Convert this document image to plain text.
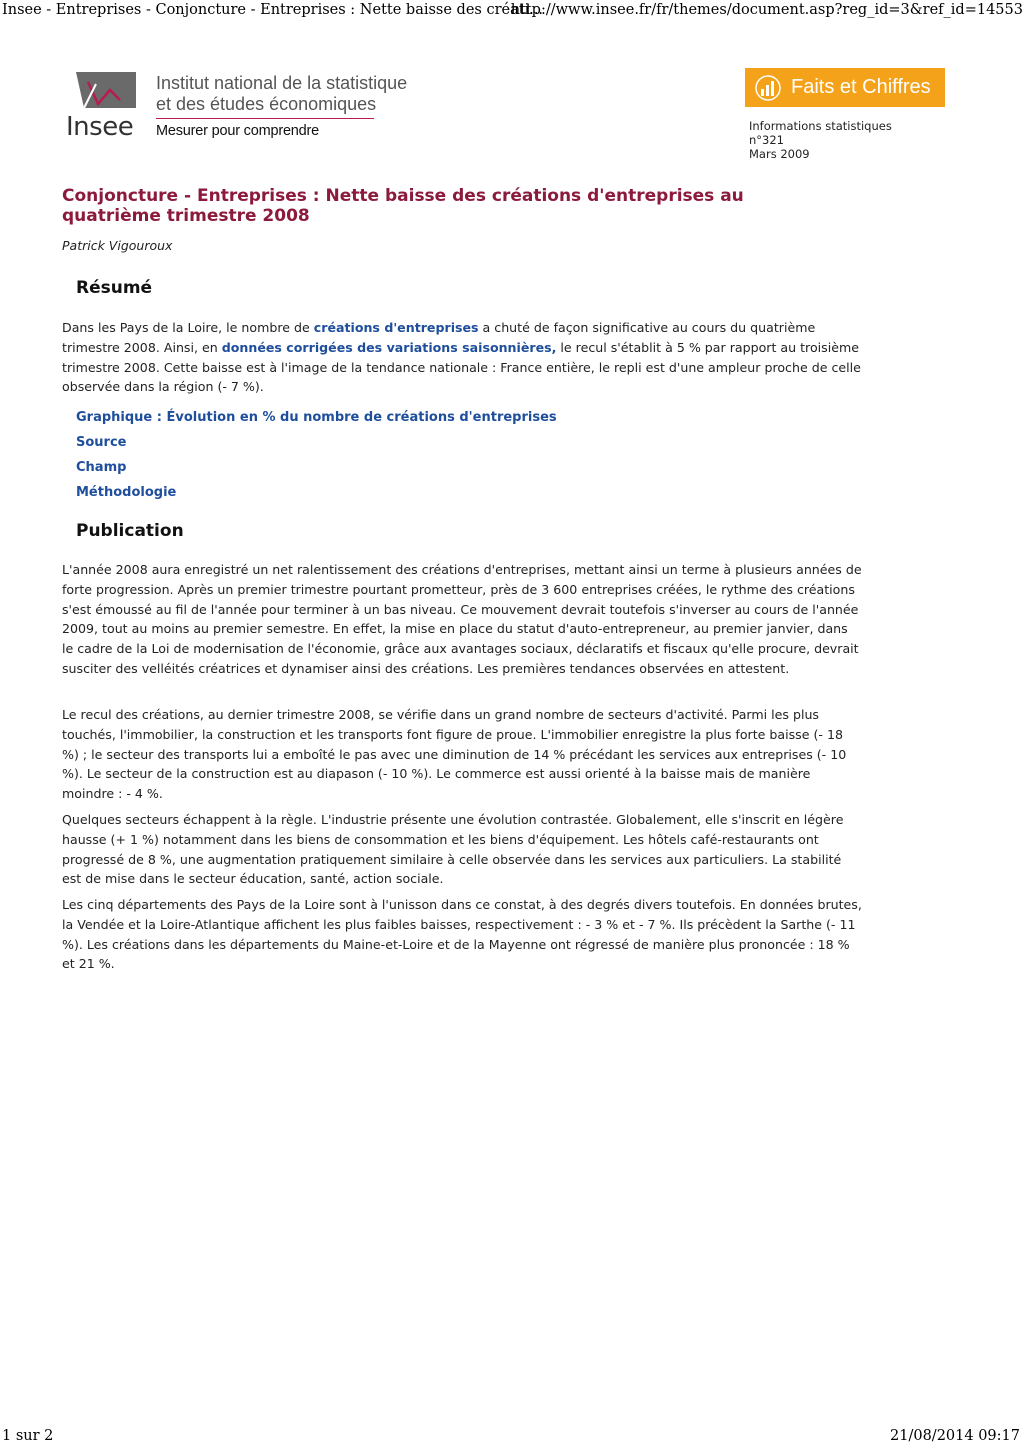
Insee - Entreprises - Conjoncture - Entreprises : Nette baisse des créati...
http://www.insee.fr/fr/themes/document.asp?reg_id=3&ref_id=14553
Insee
Institut national de la statistique
et des études économiques
Mesurer pour comprendre
Faits et Chiffres
Informations statistiques
n°321
Mars 2009
Conjoncture - Entreprises : Nette baisse des créations d'entreprises au quatrième trimestre 2008
Patrick Vigouroux
Résumé

Dans les Pays de la Loire, le nombre de créations d'entreprises a chuté de façon significative au cours du quatrième trimestre 2008. Ainsi, en données corrigées des variations saisonnières, le recul s'établit à 5 % par rapport au troisième trimestre 2008. Cette baisse est à l'image de la tendance nationale : France entière, le repli est d'une ampleur proche de celle observée dans la région (- 7 %).

Graphique : Évolution en % du nombre de créations d'entreprises
Source
Champ
Méthodologie
Publication

L'année 2008 aura enregistré un net ralentissement des créations d'entreprises, mettant ainsi un terme à plusieurs années de forte progression. Après un premier trimestre pourtant prometteur, près de 3 600 entreprises créées, le rythme des créations s'est émoussé au fil de l'année pour terminer à un bas niveau. Ce mouvement devrait toutefois s'inverser au cours de l'année 2009, tout au moins au premier semestre. En effet, la mise en place du statut d'auto-entrepreneur, au premier janvier, dans le cadre de la Loi de modernisation de l'économie, grâce aux avantages sociaux, déclaratifs et fiscaux qu'elle procure, devrait susciter des velléités créatrices et dynamiser ainsi des créations. Les premières tendances observées en attestent.

Le recul des créations, au dernier trimestre 2008, se vérifie dans un grand nombre de secteurs d'activité. Parmi les plus touchés, l'immobilier, la construction et les transports font figure de proue. L'immobilier enregistre la plus forte baisse (- 18 %) ; le secteur des transports lui a emboîté le pas avec une diminution de 14 % précédant les services aux entreprises (- 10 %). Le secteur de la construction est au diapason (- 10 %). Le commerce est aussi orienté à la baisse mais de manière moindre : - 4 %.

Quelques secteurs échappent à la règle. L'industrie présente une évolution contrastée. Globalement, elle s'inscrit en légère hausse (+ 1 %) notamment dans les biens de consommation et les biens d'équipement. Les hôtels café-restaurants ont progressé de 8 %, une augmentation pratiquement similaire à celle observée dans les services aux particuliers. La stabilité est de mise dans le secteur éducation, santé, action sociale.

Les cinq départements des Pays de la Loire sont à l'unisson dans ce constat, à des degrés divers toutefois. En données brutes, la Vendée et la Loire-Atlantique affichent les plus faibles baisses, respectivement : - 3 % et - 7 %. Ils précèdent la Sarthe (- 11 %). Les créations dans les départements du Maine-et-Loire et de la Mayenne ont régressé de manière plus prononcée : 18 % et 21 %.

1 sur 2	21/08/2014 09:17
